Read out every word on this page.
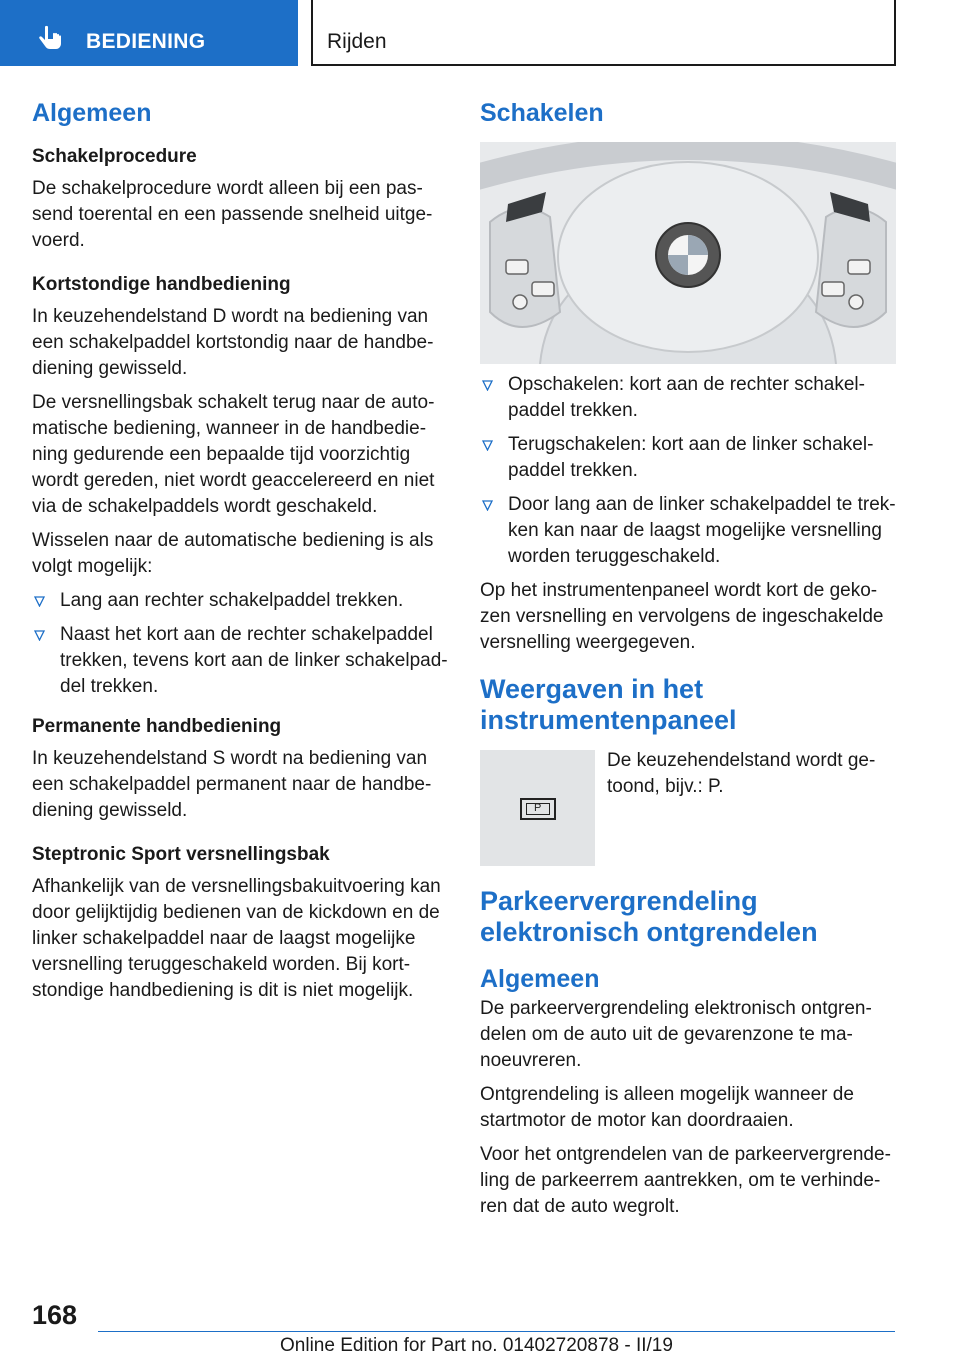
BEDIENING	Rijden
Algemeen
Schakelprocedure

De schakelprocedure wordt alleen bij een passend toerental en een passende snelheid uitgevoerd.

Kortstondige handbediening

In keuzehendelstand D wordt na bediening van een schakelpaddel kortstondig naar de handbediening gewisseld.

De versnellingsbak schakelt terug naar de automatische bediening, wanneer in de handbediening gedurende een bepaalde tijd voorzichtig wordt gereden, niet wordt geaccelereerd en niet via de schakelpaddels wordt geschakeld.

Wisselen naar de automatische bediening is als volgt mogelijk:

Lang aan rechter schakelpaddel trekken.
Naast het kort aan de rechter schakelpaddel trekken, tevens kort aan de linker schakelpaddel trekken.
Permanente handbediening

In keuzehendelstand S wordt na bediening van een schakelpaddel permanent naar de handbediening gewisseld.

Steptronic Sport versnellingsbak

Afhankelijk van de versnellingsbakuitvoering kan door gelijktijdig bedienen van de kickdown en de linker schakelpaddel naar de laagst mogelijke versnelling teruggeschakeld worden. Bij kortstondige handbediening is dit is niet mogelijk.

Schakelen
Opschakelen: kort aan de rechter schakelpaddel trekken.
Terugschakelen: kort aan de linker schakelpaddel trekken.
Door lang aan de linker schakelpaddel te trekken kan naar de laagst mogelijke versnelling worden teruggeschakeld.

Op het instrumentenpaneel wordt kort de gekozen versnelling en vervolgens de ingeschakelde versnelling weergegeven.

Weergaven in het instrumentenpaneel
P

De keuzehendelstand wordt getoond, bijv.: P.

Parkeervergrendeling elektronisch ontgrendelen
Algemeen

De parkeervergrendeling elektronisch ontgrendelen om de auto uit de gevarenzone te manoeuvreren.

Ontgrendeling is alleen mogelijk wanneer de startmotor de motor kan doordraaien.

Voor het ontgrendelen van de parkeervergrendeling de parkeerrem aantrekken, om te verhinderen dat de auto wegrolt.

168
Online Edition for Part no. 01402720878 - II/19
